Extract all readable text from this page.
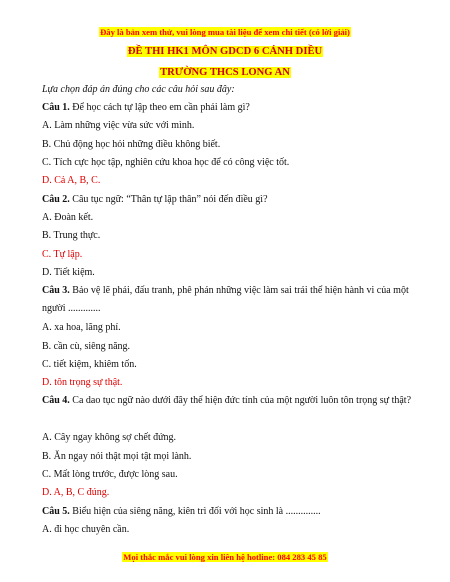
Đây là bản xem thử, vui lòng mua tài liệu để xem chi tiết (có lời giải)
ĐỀ THI HK1 MÔN GDCD 6 CÁNH DIỀU
TRƯỜNG THCS LONG AN
Lựa chọn đáp án đúng cho các câu hỏi sau đây:
Câu 1. Để học cách tự lập theo em cần phải làm gì?
A. Làm những việc vừa sức với mình.
B. Chủ động học hỏi những điều không biết.
C. Tích cực học tập, nghiên cứu khoa học để có công việc tốt.
D. Cả A, B, C.
Câu 2. Câu tục ngữ: “Thân tự lập thân” nói đến điều gì?
A. Đoàn kết.
B. Trung thực.
C. Tự lập.
D. Tiết kiệm.
Câu 3. Bảo vệ lẽ phải, đấu tranh, phê phán những việc làm sai trái thể hiện hành vi của một người .............
A. xa hoa, lãng phí.
B. cần cù, siêng năng.
C. tiết kiệm, khiêm tốn.
D. tôn trọng sự thật.
Câu 4. Ca dao tục ngữ nào dưới đây thể hiện đức tính của một người luôn tôn trọng sự thật?
A. Cây ngay không sợ chết đứng.
B. Ăn ngay nói thật mọi tật mọi lành.
C. Mất lòng trước, được lòng sau.
D. A, B, C đúng.
Câu 5. Biểu hiện của siêng năng, kiên trì đối với học sinh là ..............
A. đi học chuyên cần.
Mọi thắc mắc vui lòng xin liên hệ hotline: 084 283 45 85
